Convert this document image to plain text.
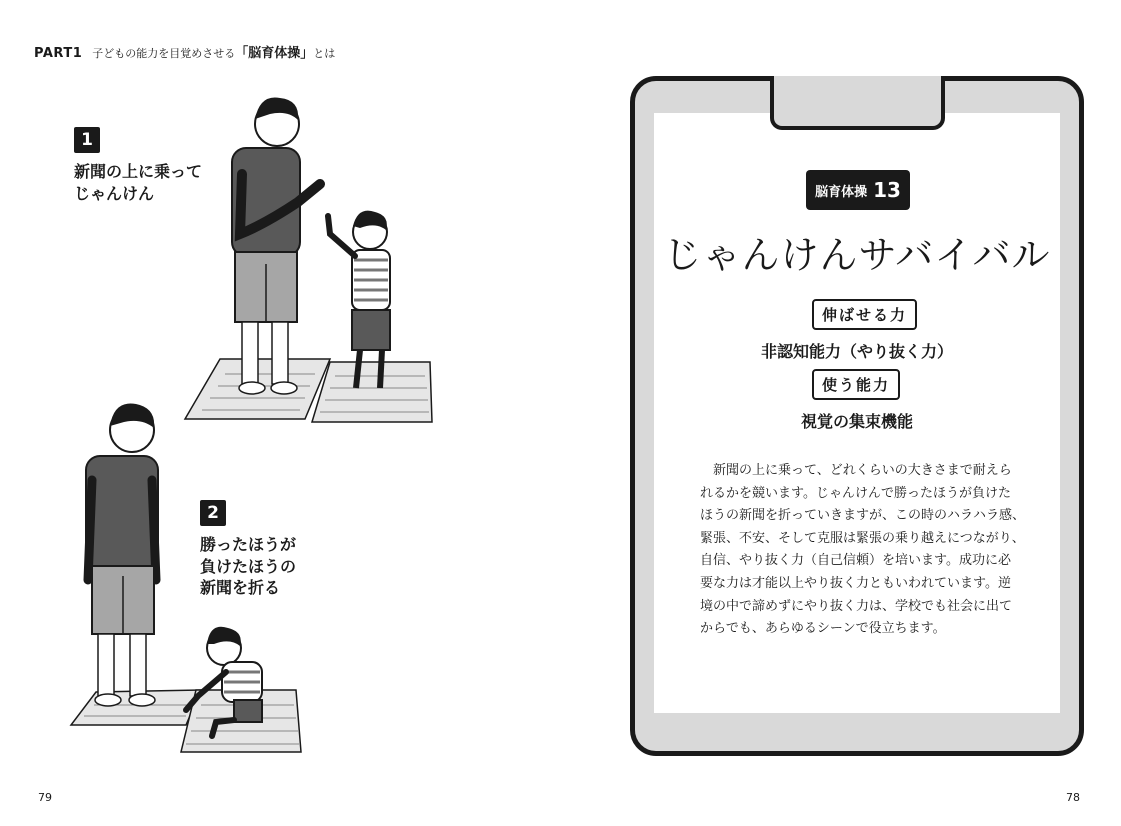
PART1 子どもの能力を目覚めさせる「脳育体操」とは
1
新聞の上に乗って
じゃんけん
2
勝ったほうが
負けたほうの
新聞を折る
79	78
脳育体操 13
じゃんけんサバイバル
伸ばせる力
非認知能力（やり抜く力）
使う能力
視覚の集束機能

　新聞の上に乗って、どれくらいの大きさまで耐えら

れるかを競います。じゃんけんで勝ったほうが負けた

ほうの新聞を折っていきますが、この時のハラハラ感、

緊張、不安、そして克服は緊張の乗り越えにつながり、

自信、やり抜く力（自己信頼）を培います。成功に必

要な力は才能以上やり抜く力ともいわれています。逆

境の中で諦めずにやり抜く力は、学校でも社会に出て

からでも、あらゆるシーンで役立ちます。
